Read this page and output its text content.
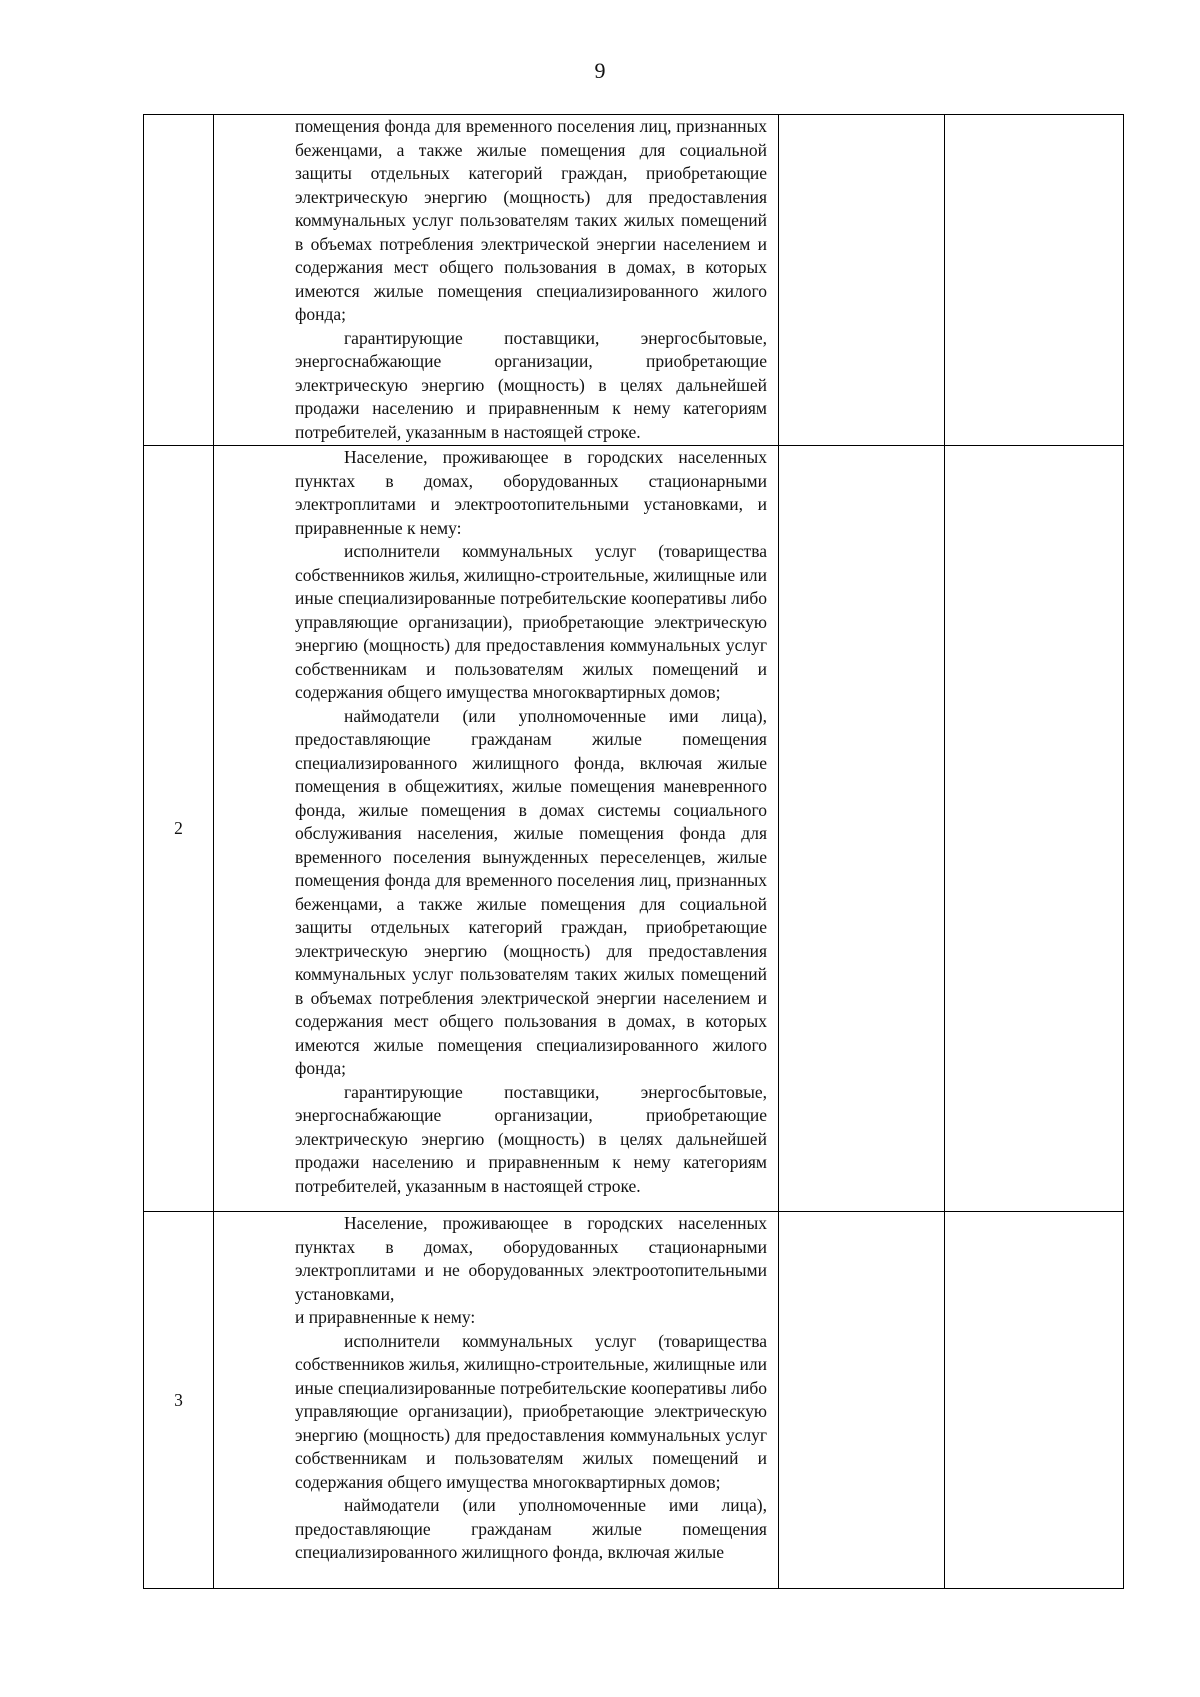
9

	помещения фонда для временного поселения лиц, признанных беженцами, а также жилые помещения для социальной защиты отдельных категорий граждан, приобретающие электрическую энергию (мощность) для предоставления коммунальных услуг пользователям таких жилых помещений в объемах потребления электрической энергии населением и содержания мест общего пользования в домах, в которых имеются жилые помещения специализированного жилого фонда;

гарантирующие поставщики, энергосбытовые, энергоснабжающие организации, приобретающие электрическую энергию (мощность) в целях дальнейшей продажи населению и приравненным к нему категориям потребителей, указанным в настоящей строке.		

2	Население, проживающее в городских населенных пунктах в домах, оборудованных стационарными электроплитами и электроотопительными установками, и приравненные к нему:

исполнители коммунальных услуг (товарищества собственников жилья, жилищно-строительные, жилищные или иные специализированные потребительские кооперативы либо управляющие организации), приобретающие электрическую энергию (мощность) для предоставления коммунальных услуг собственникам и пользователям жилых помещений и содержания общего имущества многоквартирных домов;

наймодатели (или уполномоченные ими лица), предоставляющие гражданам жилые помещения специализированного жилищного фонда, включая жилые помещения в общежитиях, жилые помещения маневренного фонда, жилые помещения в домах системы социального обслуживания населения, жилые помещения фонда для временного поселения вынужденных переселенцев, жилые помещения фонда для временного поселения лиц, признанных беженцами, а также жилые помещения для социальной защиты отдельных категорий граждан, приобретающие электрическую энергию (мощность) для предоставления коммунальных услуг пользователям таких жилых помещений в объемах потребления электрической энергии населением и содержания мест общего пользования в домах, в которых имеются жилые помещения специализированного жилого фонда;

гарантирующие поставщики, энергосбытовые, энергоснабжающие организации, приобретающие электрическую энергию (мощность) в целях дальнейшей продажи населению и приравненным к нему категориям потребителей, указанным в настоящей строке.		

3	Население, проживающее в городских населенных пунктах в домах, оборудованных стационарными электроплитами и не оборудованных электроотопительными установками,

и приравненные к нему:

исполнители коммунальных услуг (товарищества собственников жилья, жилищно-строительные, жилищные или иные специализированные потребительские кооперативы либо управляющие организации), приобретающие электрическую энергию (мощность) для предоставления коммунальных услуг собственникам и пользователям жилых помещений и содержания общего имущества многоквартирных домов;

наймодатели (или уполномоченные ими лица), предоставляющие гражданам жилые помещения специализированного жилищного фонда, включая жилые		
